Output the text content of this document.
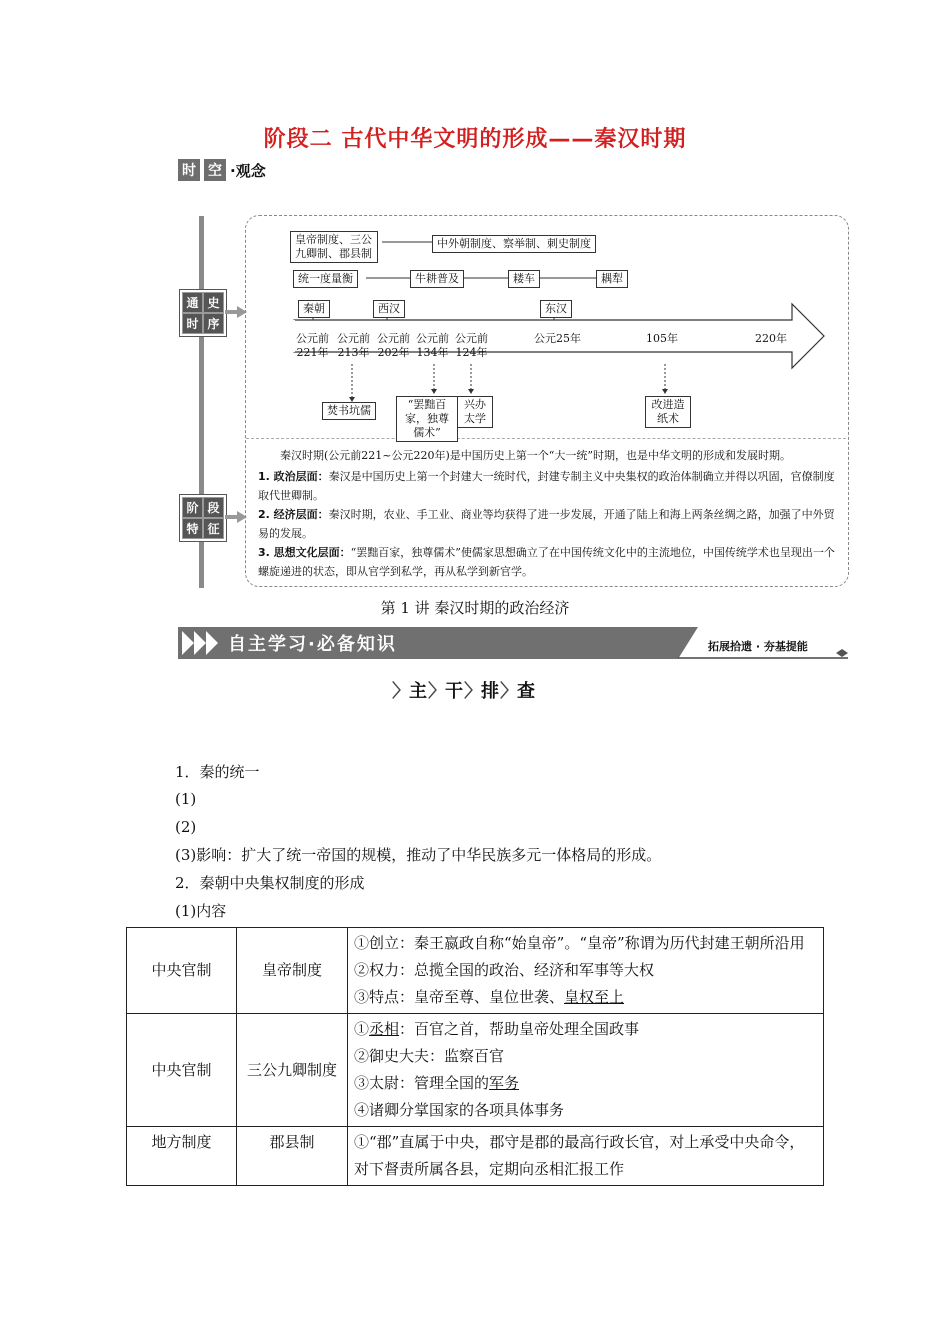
阶段二 古代中华文明的形成——秦汉时期
时 空 ·观念
通 史
时 序
阶 段
特 征
皇帝制度、三公九卿制、郡县制
中外朝制度、察举制、刺史制度
统一度量衡	牛耕普及	耧车	耦犁
秦朝	西汉	东汉
公元前
221年
公元前
213年
公元前
202年
公元前
134年
公元前
124年
公元25年	105年	220年
焚书坑儒	“罢黜百家，独尊儒术”
兴办太学
改进造纸术
秦汉时期(公元前221~公元220年)是中国历史上第一个“大一统”时期，也是中华文明的形成和发展时期。
1. 政治层面：秦汉是中国历史上第一个封建大一统时代，封建专制主义中央集权的政治体制确立并得以巩固，官僚制度取代世卿制。
2. 经济层面：秦汉时期，农业、手工业、商业等均获得了进一步发展，开通了陆上和海上两条丝绸之路，加强了中外贸易的发展。
3. 思想文化层面：“罢黜百家，独尊儒术”使儒家思想确立了在中国传统文化中的主流地位，中国传统学术也呈现出一个螺旋递进的状态，即从官学到私学，再从私学到新官学。
第 1 讲 秦汉时期的政治经济
自主学习·必备知识	拓展拾遗 · 夯基提能
〉 主	〉 干	〉 排	〉 查
1．秦的统一
(1)
(2)
(3)影响：扩大了统一帝国的规模，推动了中华民族多元一体格局的形成。
2．秦朝中央集权制度的形成
(1)内容
中央官制	皇帝制度	①创立：秦王嬴政自称“始皇帝”。“皇帝”称谓为历代封建王朝所沿用
②权力：总揽全国的政治、经济和军事等大权
③特点：皇帝至尊、皇位世袭、皇权至上

中央官制	三公九卿制度	①丞相：百官之首，帮助皇帝处理全国政事
②御史大夫：监察百官
③太尉：管理全国的军务
④诸卿分掌国家的各项具体事务

地方制度	郡县制	①“郡”直属于中央，郡守是郡的最高行政长官，对上承受中央命令，对下督责所属各县，定期向丞相汇报工作
